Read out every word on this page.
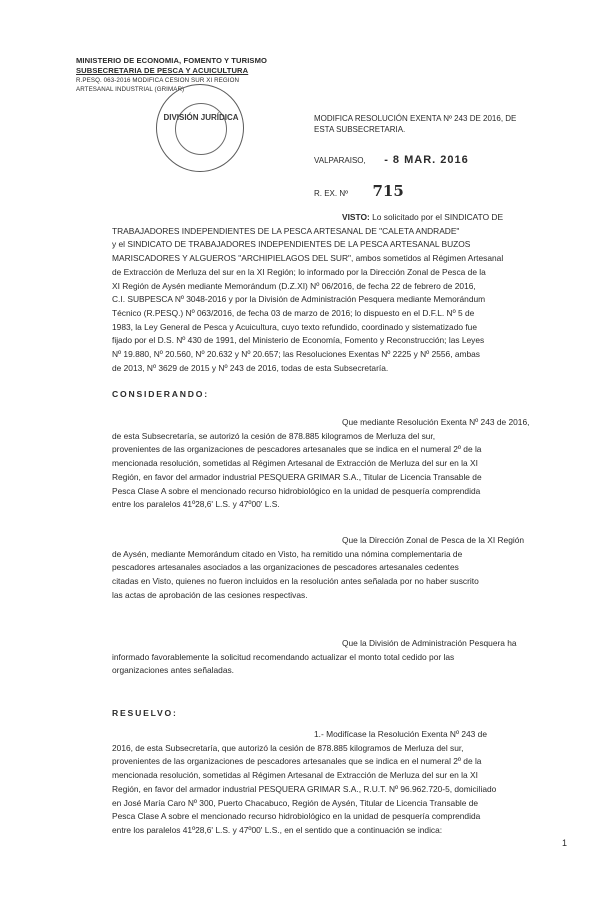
MINISTERIO DE ECONOMIA, FOMENTO Y TURISMO
SUBSECRETARIA DE PESCA Y ACUICULTURA
R.PESQ. 063-2016 MODIFICA CESION SUR XI REGION
ARTESANAL INDUSTRIAL (GRIMAR)
DIVISIÓN JURÍDICA	MODIFICA RESOLUCIÓN EXENTA Nº 243 DE 2016, DE
ESTA SUBSECRETARIA.
VALPARAISO, - 8 MAR. 2016
R. EX. Nº 715

VISTO: Lo solicitado por el SINDICATO DE

TRABAJADORES INDEPENDIENTES DE LA PESCA ARTESANAL DE "CALETA ANDRADE"

y el SINDICATO DE TRABAJADORES INDEPENDIENTES DE LA PESCA ARTESANAL BUZOS

MARISCADORES Y ALGUEROS "ARCHIPIELAGOS DEL SUR", ambos sometidos al Régimen Artesanal

de Extracción de Merluza del sur en la XI Región; lo informado por la Dirección Zonal de Pesca de la

XI Región de Aysén mediante Memorándum (D.Z.XI) Nº 06/2016, de fecha 22 de febrero de 2016,

C.I. SUBPESCA Nº 3048-2016 y por la División de Administración Pesquera mediante Memorándum

Técnico (R.PESQ.) Nº 063/2016, de fecha 03 de marzo de 2016; lo dispuesto en el D.F.L. Nº 5 de

1983, la Ley General de Pesca y Acuicultura, cuyo texto refundido, coordinado y sistematizado fue

fijado por el D.S. Nº 430 de 1991, del Ministerio de Economía, Fomento y Reconstrucción; las Leyes

Nº 19.880, Nº 20.560, Nº 20.632 y Nº 20.657; las Resoluciones Exentas Nº 2225 y Nº 2556, ambas

de 2013, Nº 3629 de 2015 y Nº 243 de 2016, todas de esta Subsecretaría.

CONSIDERANDO:

Que mediante Resolución Exenta Nº 243 de 2016,

de esta Subsecretaría, se autorizó la cesión de 878.885 kilogramos de Merluza del sur,

provenientes de las organizaciones de pescadores artesanales que se indica en el numeral 2º de la

mencionada resolución, sometidas al Régimen Artesanal de Extracción de Merluza del sur en la XI

Región, en favor del armador industrial PESQUERA GRIMAR S.A., Titular de Licencia Transable de

Pesca Clase A sobre el mencionado recurso hidrobiológico en la unidad de pesquería comprendida

entre los paralelos 41º28,6' L.S. y 47º00' L.S.

Que la Dirección Zonal de Pesca de la XI Región

de Aysén, mediante Memorándum citado en Visto, ha remitido una nómina complementaria de

pescadores artesanales asociados a las organizaciones de pescadores artesanales cedentes

citadas en Visto, quienes no fueron incluidos en la resolución antes señalada por no haber suscrito

las actas de aprobación de las cesiones respectivas.

Que la División de Administración Pesquera ha

informado favorablemente la solicitud recomendando actualizar el monto total cedido por las

organizaciones antes señaladas.

RESUELVO:

1.- Modifícase la Resolución Exenta Nº 243 de

2016, de esta Subsecretaría, que autorizó la cesión de 878.885 kilogramos de Merluza del sur,

provenientes de las organizaciones de pescadores artesanales que se indica en el numeral 2º de la

mencionada resolución, sometidas al Régimen Artesanal de Extracción de Merluza del sur en la XI

Región, en favor del armador industrial PESQUERA GRIMAR S.A., R.U.T. Nº 96.962.720-5, domiciliado

en José María Caro Nº 300, Puerto Chacabuco, Región de Aysén, Titular de Licencia Transable de

Pesca Clase A sobre el mencionado recurso hidrobiológico en la unidad de pesquería comprendida

entre los paralelos 41º28,6' L.S. y 47º00' L.S., en el sentido que a continuación se indica:

1
